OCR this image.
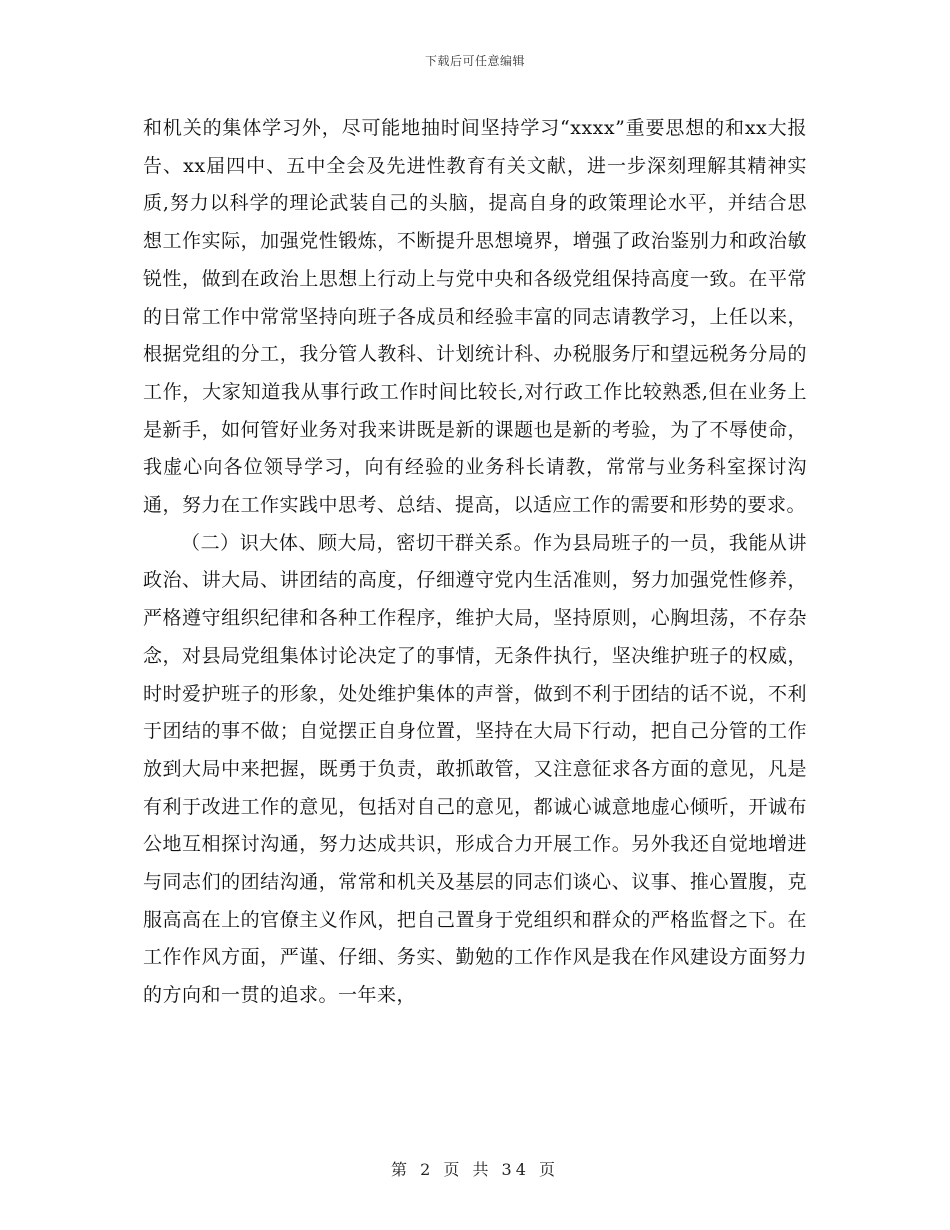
下载后可任意编辑

和机关的集体学习外，尽可能地抽时间坚持学习“xxxx”重要思想的和xx大报告、xx届四中、五中全会及先进性教育有关文献，进一步深刻理解其精神实质,努力以科学的理论武装自己的头脑，提高自身的政策理论水平，并结合思想工作实际，加强党性锻炼，不断提升思想境界，增强了政治鉴别力和政治敏锐性，做到在政治上思想上行动上与党中央和各级党组保持高度一致。在平常的日常工作中常常坚持向班子各成员和经验丰富的同志请教学习，上任以来，根据党组的分工，我分管人教科、计划统计科、办税服务厅和望远税务分局的工作，大家知道我从事行政工作时间比较长,对行政工作比较熟悉,但在业务上是新手，如何管好业务对我来讲既是新的课题也是新的考验，为了不辱使命，我虚心向各位领导学习，向有经验的业务科长请教，常常与业务科室探讨沟通，努力在工作实践中思考、总结、提高，以适应工作的需要和形势的要求。

（二）识大体、顾大局，密切干群关系。作为县局班子的一员，我能从讲政治、讲大局、讲团结的高度，仔细遵守党内生活准则，努力加强党性修养，严格遵守组织纪律和各种工作程序，维护大局，坚持原则，心胸坦荡，不存杂念，对县局党组集体讨论决定了的事情，无条件执行，坚决维护班子的权威，时时爱护班子的形象，处处维护集体的声誉，做到不利于团结的话不说，不利于团结的事不做；自觉摆正自身位置，坚持在大局下行动，把自己分管的工作放到大局中来把握，既勇于负责，敢抓敢管，又注意征求各方面的意见，凡是有利于改进工作的意见，包括对自己的意见，都诚心诚意地虚心倾听，开诚布公地互相探讨沟通，努力达成共识，形成合力开展工作。另外我还自觉地增进与同志们的团结沟通，常常和机关及基层的同志们谈心、议事、推心置腹，克服高高在上的官僚主义作风，把自己置身于党组织和群众的严格监督之下。在工作作风方面，严谨、仔细、务实、勤勉的工作作风是我在作风建设方面努力的方向和一贯的追求。一年来，

第 2 页 共 34 页
